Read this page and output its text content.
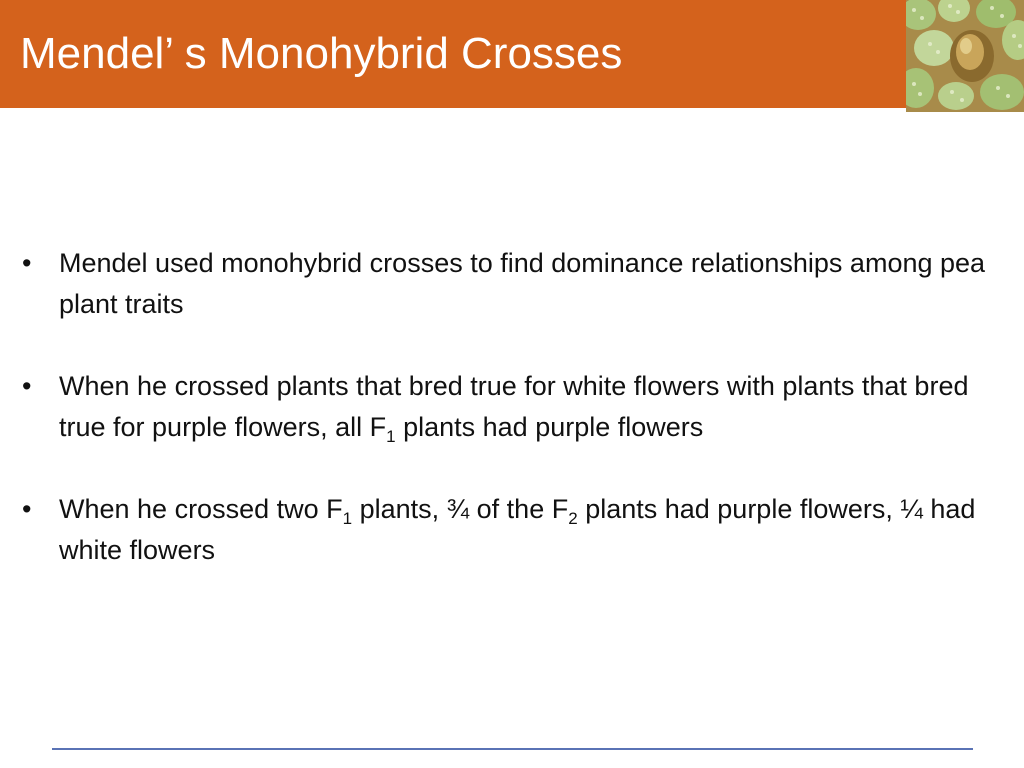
Mendel’ s Monohybrid Crosses
• Mendel used monohybrid crosses to find dominance relationships among pea plant traits
• When he crossed plants that bred true for white flowers with plants that bred true for purple flowers, all $F_1$ plants had purple flowers
• When he crossed two $F_1$ plants, ¾ of the $F_2$ plants had purple flowers, ¼ had white flowers
